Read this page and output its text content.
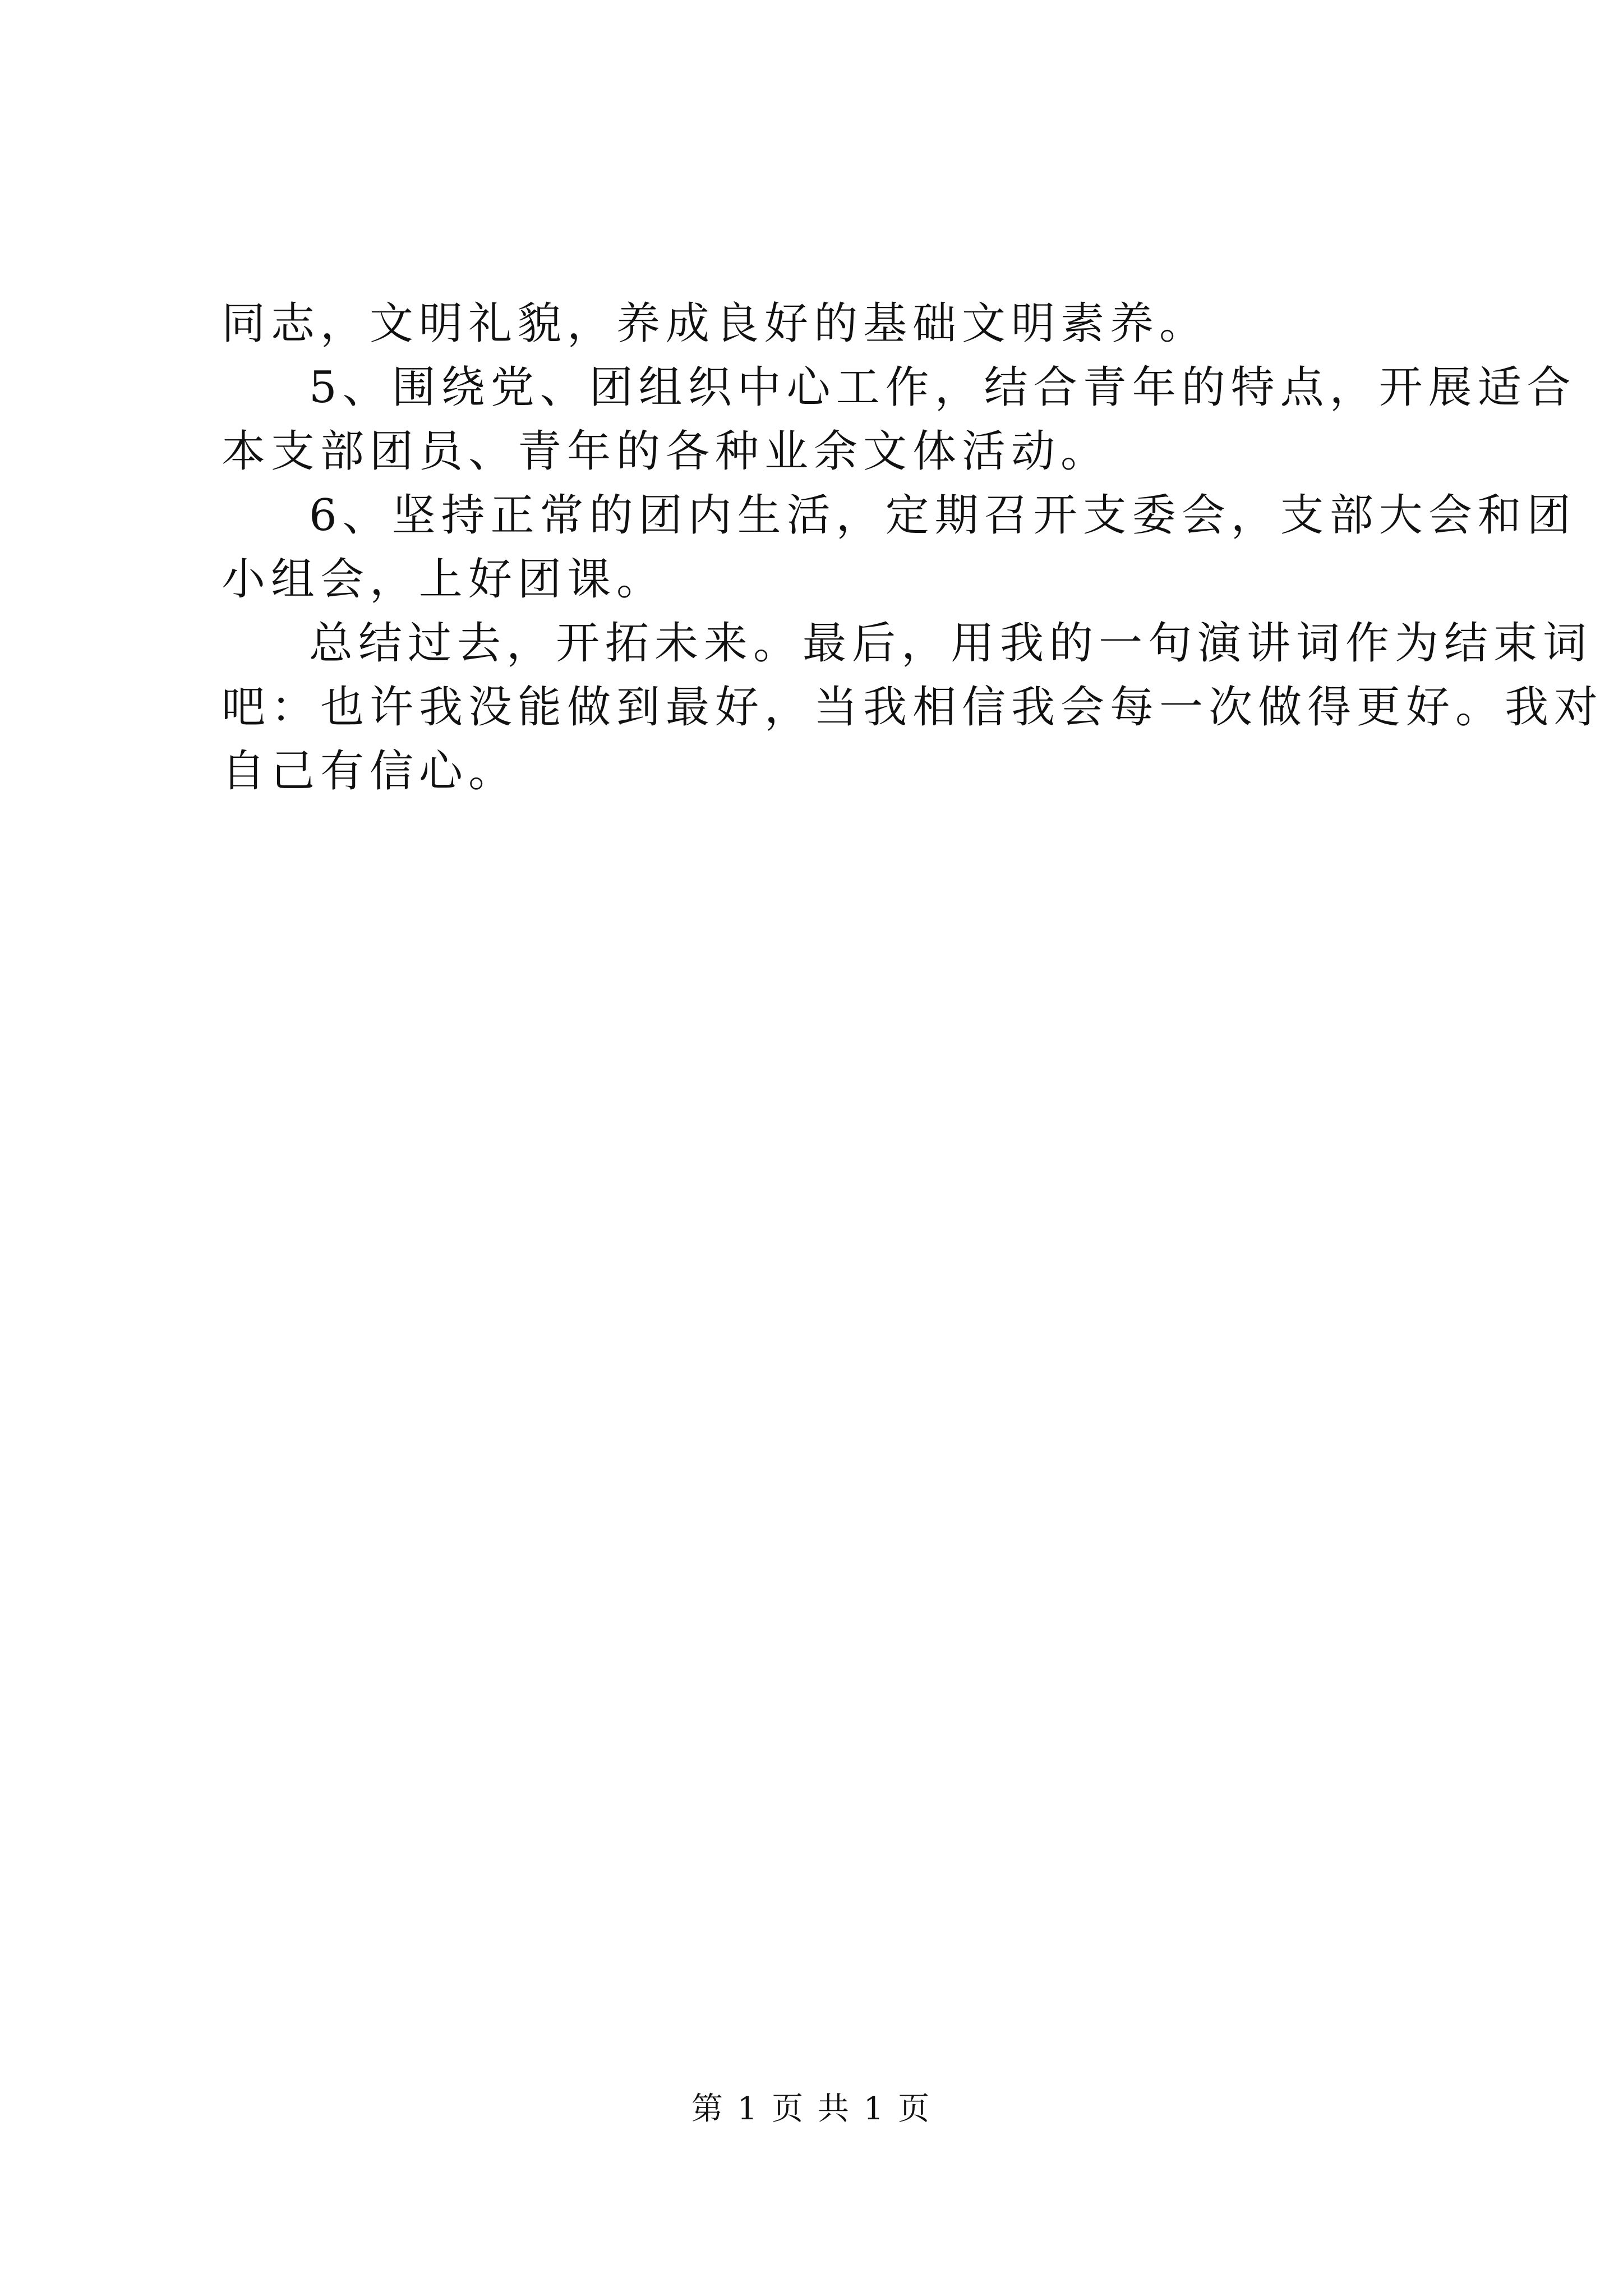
同志，文明礼貌，养成良好的基础文明素养。
5、围绕党、团组织中心工作，结合青年的特点，开展适合
本支部团员、青年的各种业余文体活动。
6、坚持正常的团内生活，定期召开支委会，支部大会和团
小组会，上好团课。
总结过去，开拓未来。最后，用我的一句演讲词作为结束词
吧：也许我没能做到最好，当我相信我会每一次做得更好。我对
自己有信心。
第 1 页 共 1 页
